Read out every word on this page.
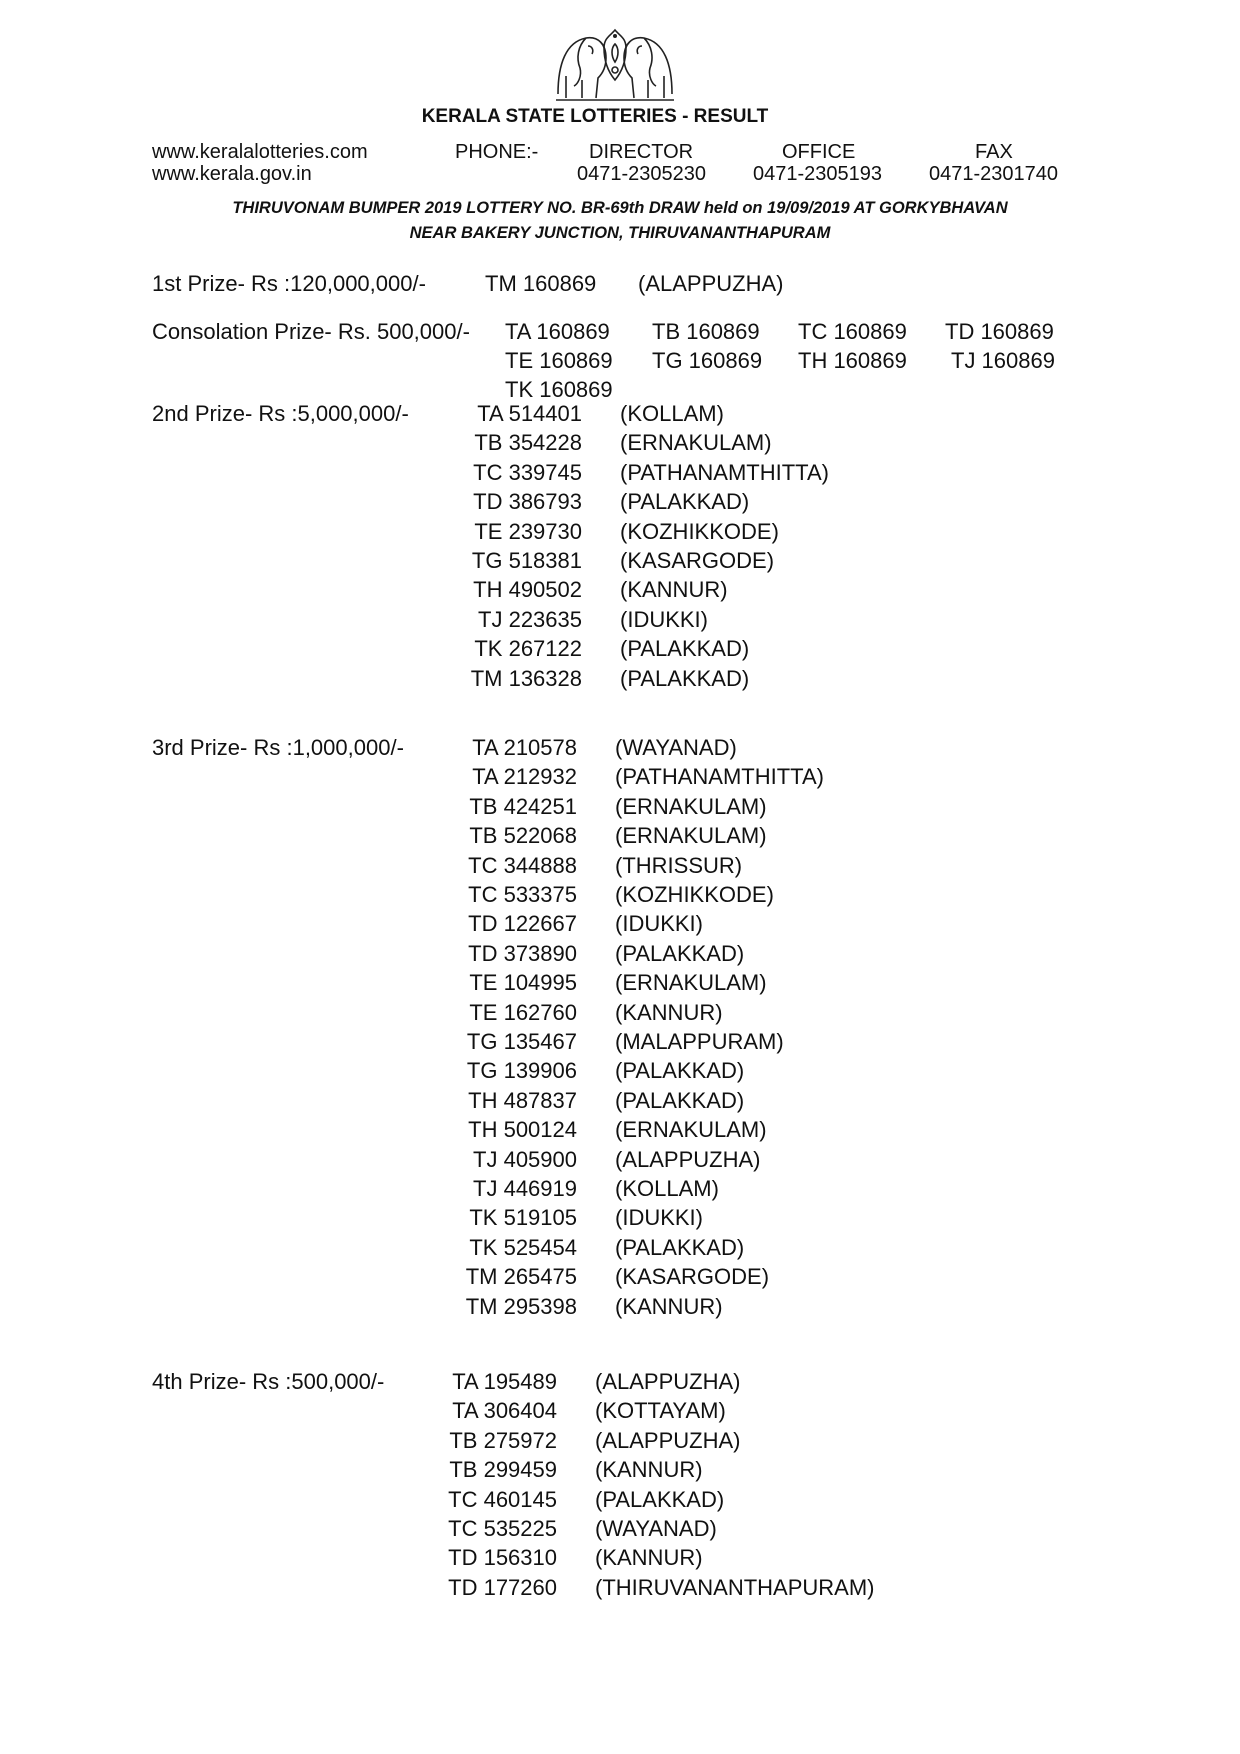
KERALA STATE LOTTERIES - RESULT
www.keralalotteries.com
www.kerala.gov.in
PHONE:-	DIRECTOR
0471-2305230
OFFICE
0471-2305193
FAX
0471-2301740
THIRUVONAM BUMPER 2019 LOTTERY NO. BR-69th DRAW held on 19/09/2019 AT GORKYBHAVAN
NEAR BAKERY JUNCTION, THIRUVANANTHAPURAM
1st Prize- Rs :120,000,000/-	TM 160869 (ALAPPUZHA)
Consolation Prize- Rs. 500,000/- TA 160869 TB 160869 TC 160869 TD 160869
TE 160869 TG 160869 TH 160869 TJ 160869
TK 160869
2nd Prize- Rs :5,000,000/-
3rd Prize- Rs :1,000,000/-
4th Prize- Rs :500,000/-
TA 514401 (KOLLAM)
TB 354228 (ERNAKULAM)
TC 339745 (PATHANAMTHITTA)
TD 386793 (PALAKKAD)
TE 239730 (KOZHIKKODE)
TG 518381 (KASARGODE)
TH 490502 (KANNUR)
TJ 223635 (IDUKKI)
TK 267122 (PALAKKAD)
TM 136328 (PALAKKAD)
TA 210578 (WAYANAD)
TA 212932 (PATHANAMTHITTA)
TB 424251 (ERNAKULAM)
TB 522068 (ERNAKULAM)
TC 344888 (THRISSUR)
TC 533375 (KOZHIKKODE)
TD 122667 (IDUKKI)
TD 373890 (PALAKKAD)
TE 104995 (ERNAKULAM)
TE 162760 (KANNUR)
TG 135467 (MALAPPURAM)
TG 139906 (PALAKKAD)
TH 487837 (PALAKKAD)
TH 500124 (ERNAKULAM)
TJ 405900 (ALAPPUZHA)
TJ 446919 (KOLLAM)
TK 519105 (IDUKKI)
TK 525454 (PALAKKAD)
TM 265475 (KASARGODE)
TM 295398 (KANNUR)
TA 195489 (ALAPPUZHA)
TA 306404 (KOTTAYAM)
TB 275972 (ALAPPUZHA)
TB 299459 (KANNUR)
TC 460145 (PALAKKAD)
TC 535225 (WAYANAD)
TD 156310 (KANNUR)
TD 177260 (THIRUVANANTHAPURAM)
